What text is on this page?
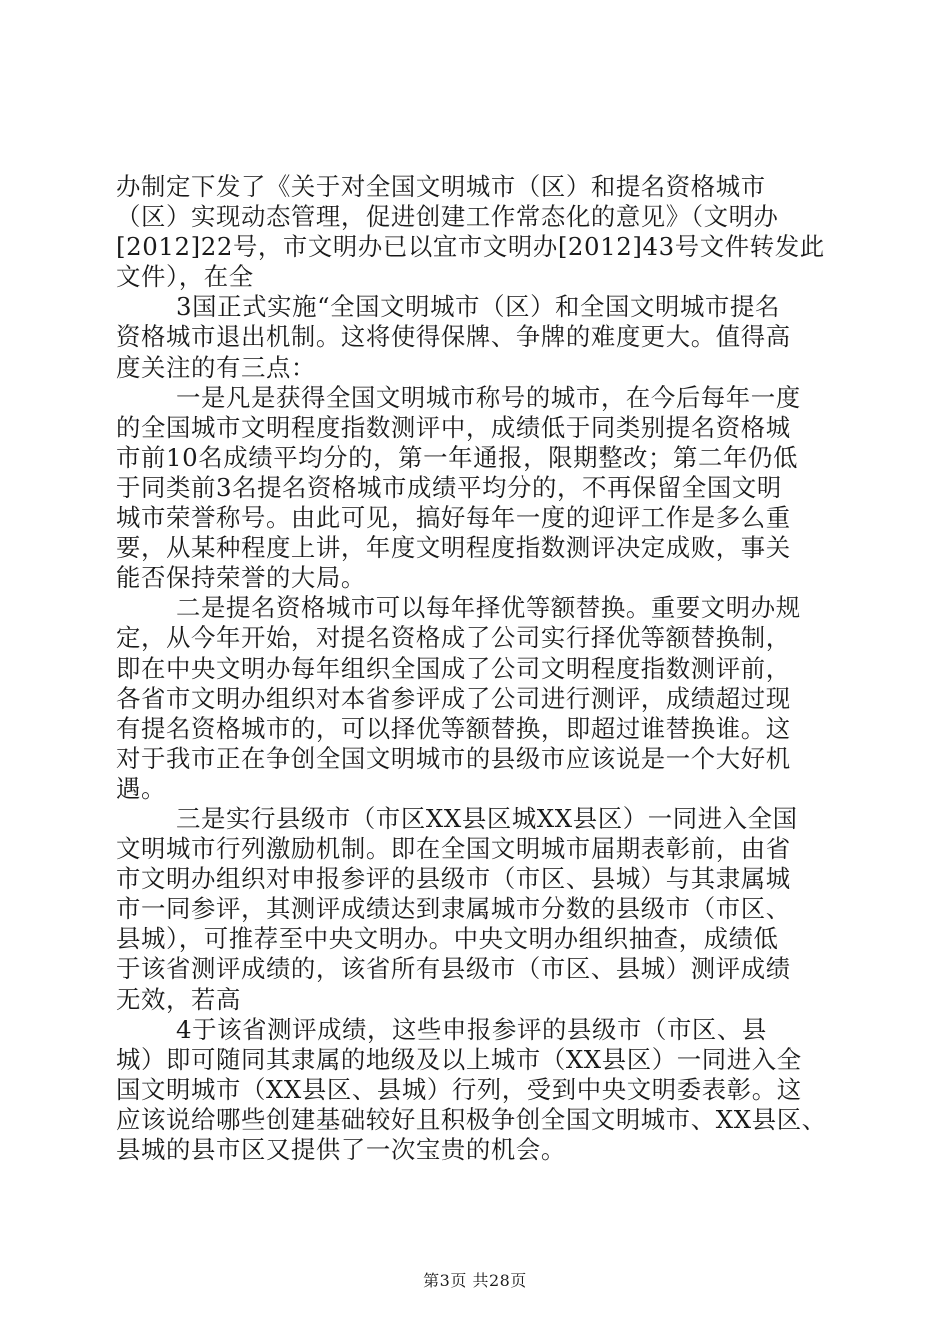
办制定下发了《关于对全国文明城市（区）和提名资格城市

（区）实现动态管理，促进创建工作常态化的意见》（文明办

[2012]22号，市文明办已以宜市文明办[2012]43号文件转发此

文件），在全

3国正式实施“全国文明城市（区）和全国文明城市提名

资格城市退出机制。这将使得保牌、争牌的难度更大。值得高

度关注的有三点：

一是凡是获得全国文明城市称号的城市，在今后每年一度

的全国城市文明程度指数测评中，成绩低于同类别提名资格城

市前10名成绩平均分的，第一年通报，限期整改；第二年仍低

于同类前3名提名资格城市成绩平均分的，不再保留全国文明

城市荣誉称号。由此可见，搞好每年一度的迎评工作是多么重

要，从某种程度上讲，年度文明程度指数测评决定成败，事关

能否保持荣誉的大局。

二是提名资格城市可以每年择优等额替换。重要文明办规

定，从今年开始，对提名资格成了公司实行择优等额替换制，

即在中央文明办每年组织全国成了公司文明程度指数测评前，

各省市文明办组织对本省参评成了公司进行测评，成绩超过现

有提名资格城市的，可以择优等额替换，即超过谁替换谁。这

对于我市正在争创全国文明城市的县级市应该说是一个大好机

遇。

三是实行县级市（市区XX县区城XX县区）一同进入全国

文明城市行列激励机制。即在全国文明城市届期表彰前，由省

市文明办组织对申报参评的县级市（市区、县城）与其隶属城

市一同参评，其测评成绩达到隶属城市分数的县级市（市区、

县城），可推荐至中央文明办。中央文明办组织抽查，成绩低

于该省测评成绩的，该省所有县级市（市区、县城）测评成绩

无效，若高

4于该省测评成绩，这些申报参评的县级市（市区、县

城）即可随同其隶属的地级及以上城市（XX县区）一同进入全

国文明城市（XX县区、县城）行列，受到中央文明委表彰。这

应该说给哪些创建基础较好且积极争创全国文明城市、XX县区、

县城的县市区又提供了一次宝贵的机会。

第3页 共28页
